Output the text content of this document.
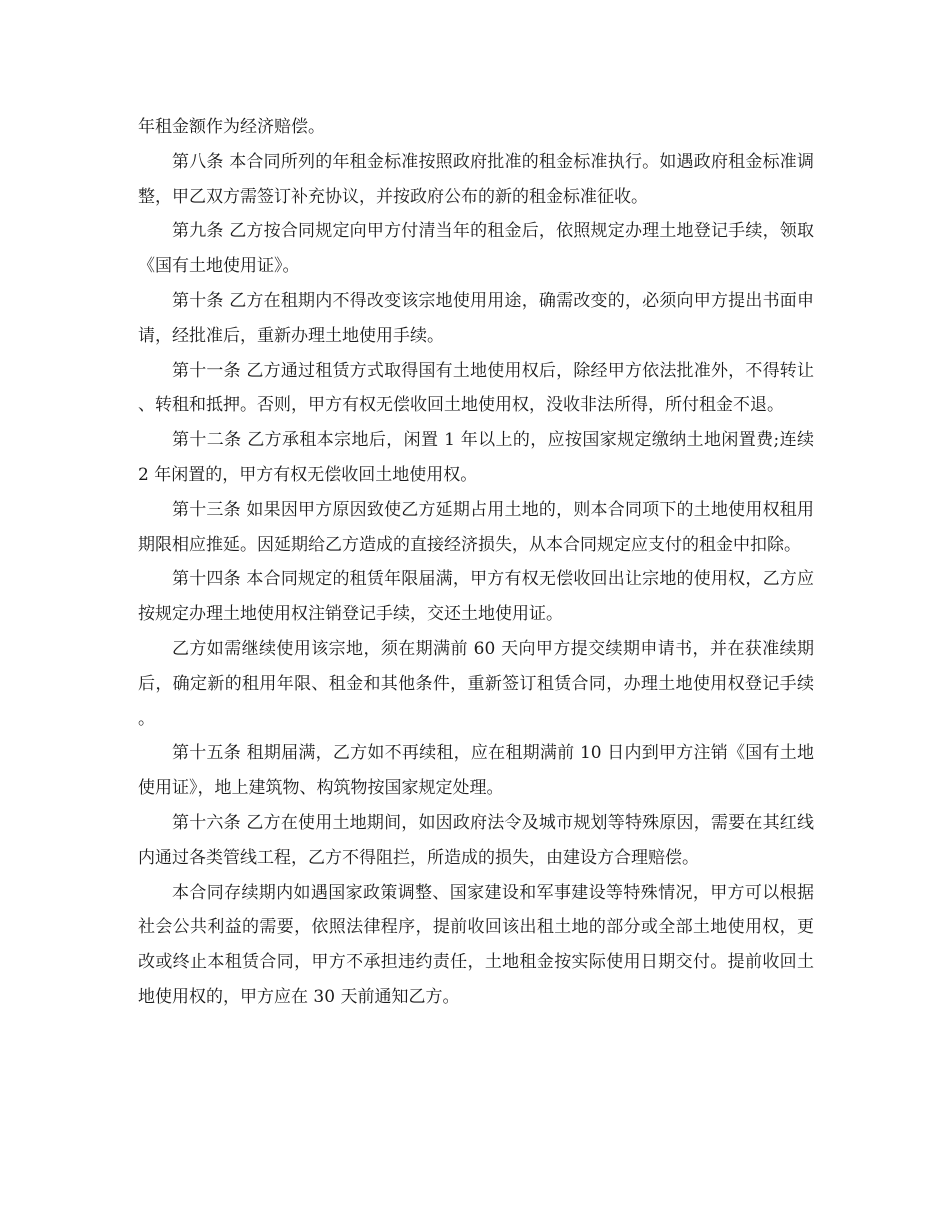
年租金额作为经济赔偿。

第八条 本合同所列的年租金标准按照政府批准的租金标准执行。如遇政府租金标准调整，甲乙双方需签订补充协议，并按政府公布的新的租金标准征收。

第九条 乙方按合同规定向甲方付清当年的租金后，依照规定办理土地登记手续，领取《国有土地使用证》。

第十条 乙方在租期内不得改变该宗地使用用途，确需改变的，必须向甲方提出书面申请，经批准后，重新办理土地使用手续。

第十一条 乙方通过租赁方式取得国有土地使用权后，除经甲方依法批准外，不得转让、转租和抵押。否则，甲方有权无偿收回土地使用权，没收非法所得，所付租金不退。

第十二条 乙方承租本宗地后，闲置 1 年以上的，应按国家规定缴纳土地闲置费;连续 2 年闲置的，甲方有权无偿收回土地使用权。

第十三条 如果因甲方原因致使乙方延期占用土地的，则本合同项下的土地使用权租用期限相应推延。因延期给乙方造成的直接经济损失，从本合同规定应支付的租金中扣除。

第十四条 本合同规定的租赁年限届满，甲方有权无偿收回出让宗地的使用权，乙方应按规定办理土地使用权注销登记手续，交还土地使用证。

乙方如需继续使用该宗地，须在期满前 60 天向甲方提交续期申请书，并在获准续期后，确定新的租用年限、租金和其他条件，重新签订租赁合同，办理土地使用权登记手续。

第十五条 租期届满，乙方如不再续租，应在租期满前 10 日内到甲方注销《国有土地使用证》，地上建筑物、构筑物按国家规定处理。

第十六条 乙方在使用土地期间，如因政府法令及城市规划等特殊原因，需要在其红线内通过各类管线工程，乙方不得阻拦，所造成的损失，由建设方合理赔偿。

本合同存续期内如遇国家政策调整、国家建设和军事建设等特殊情况，甲方可以根据社会公共利益的需要，依照法律程序，提前收回该出租土地的部分或全部土地使用权，更改或终止本租赁合同，甲方不承担违约责任，土地租金按实际使用日期交付。提前收回土地使用权的，甲方应在 30 天前通知乙方。
